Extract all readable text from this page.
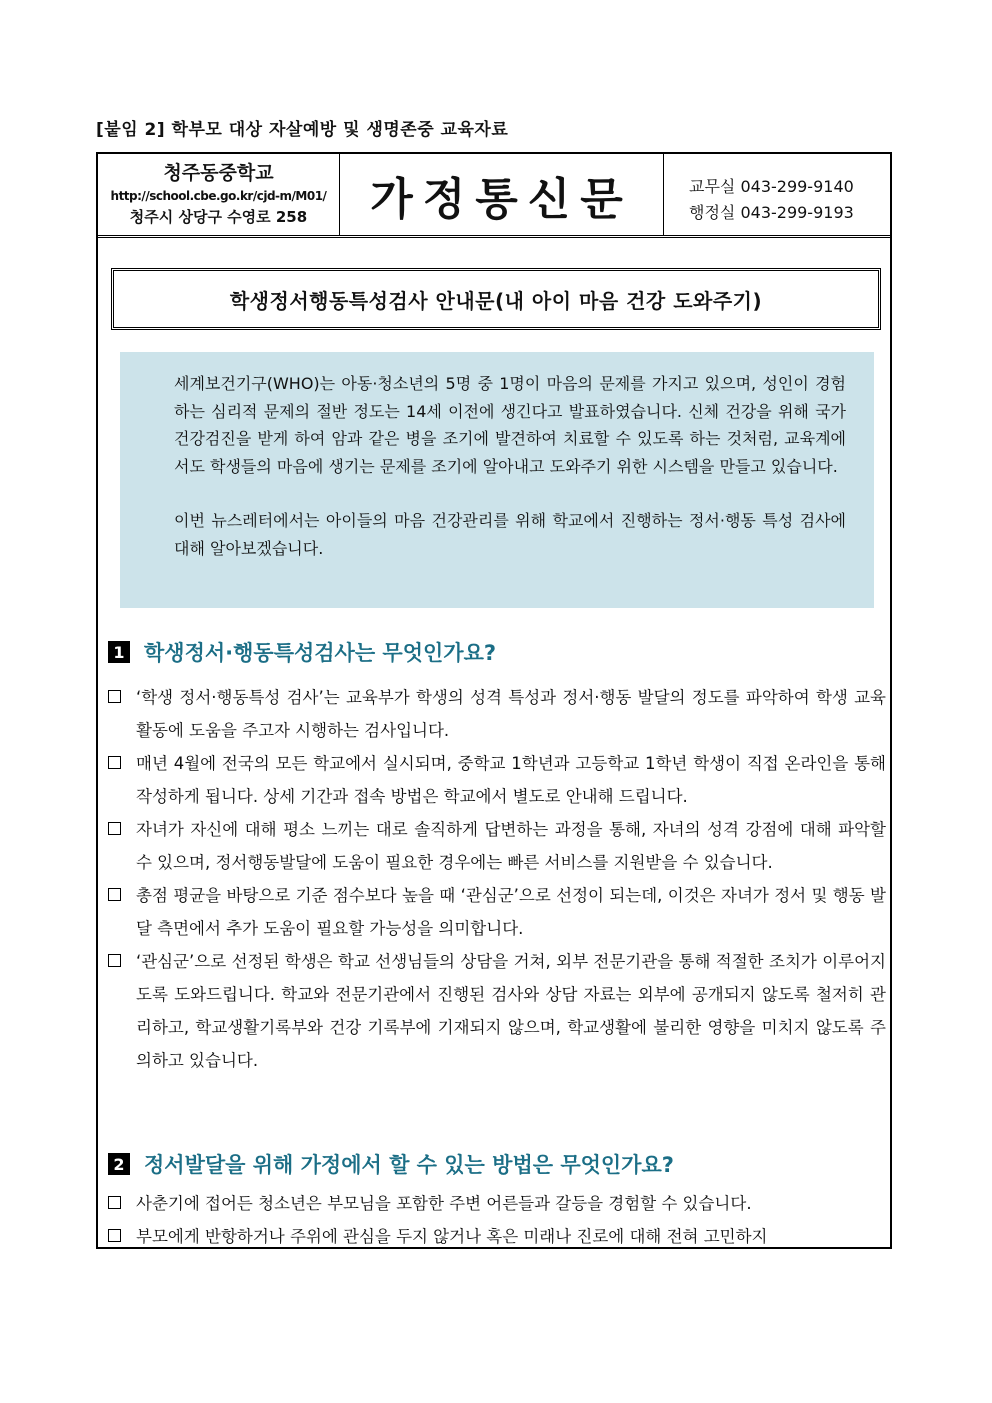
[붙임 2] 학부모 대상 자살예방 및 생명존중 교육자료
청주동중학교
http://school.cbe.go.kr/cjd-m/M01/
청주시 상당구 수영로 258	가정통신문	교무실 043-299-9140
행정실 043-299-9193
학생정서행동특성검사 안내문(내 아이 마음 건강 도와주기)

세계보건기구(WHO)는 아동·청소년의 5명 중 1명이 마음의 문제를 가지고 있으며, 성인이 경험하는 심리적 문제의 절반 정도는 14세 이전에 생긴다고 발표하였습니다. 신체 건강을 위해 국가건강검진을 받게 하여 암과 같은 병을 조기에 발견하여 치료할 수 있도록 하는 것처럼, 교육계에서도 학생들의 마음에 생기는 문제를 조기에 알아내고 도와주기 위한 시스템을 만들고 있습니다.

이번 뉴스레터에서는 아이들의 마음 건강관리를 위해 학교에서 진행하는 정서·행동 특성 검사에 대해 알아보겠습니다.

1 학생정서·행동특성검사는 무엇인가요?
‘학생 정서·행동특성 검사’는 교육부가 학생의 성격 특성과 정서·행동 발달의 정도를 파악하여 학생 교육 활동에 도움을 주고자 시행하는 검사입니다.
매년 4월에 전국의 모든 학교에서 실시되며, 중학교 1학년과 고등학교 1학년 학생이 직접 온라인을 통해 작성하게 됩니다. 상세 기간과 접속 방법은 학교에서 별도로 안내해 드립니다.
자녀가 자신에 대해 평소 느끼는 대로 솔직하게 답변하는 과정을 통해, 자녀의 성격 강점에 대해 파악할 수 있으며, 정서행동발달에 도움이 필요한 경우에는 빠른 서비스를 지원받을 수 있습니다.
총점 평균을 바탕으로 기준 점수보다 높을 때 ‘관심군’으로 선정이 되는데, 이것은 자녀가 정서 및 행동 발달 측면에서 추가 도움이 필요할 가능성을 의미합니다.
‘관심군’으로 선정된 학생은 학교 선생님들의 상담을 거쳐, 외부 전문기관을 통해 적절한 조치가 이루어지도록 도와드립니다. 학교와 전문기관에서 진행된 검사와 상담 자료는 외부에 공개되지 않도록 철저히 관리하고, 학교생활기록부와 건강 기록부에 기재되지 않으며, 학교생활에 불리한 영향을 미치지 않도록 주의하고 있습니다.
2 정서발달을 위해 가정에서 할 수 있는 방법은 무엇인가요?
사춘기에 접어든 청소년은 부모님을 포함한 주변 어른들과 갈등을 경험할 수 있습니다.
부모에게 반항하거나 주위에 관심을 두지 않거나 혹은 미래나 진로에 대해 전혀 고민하지
